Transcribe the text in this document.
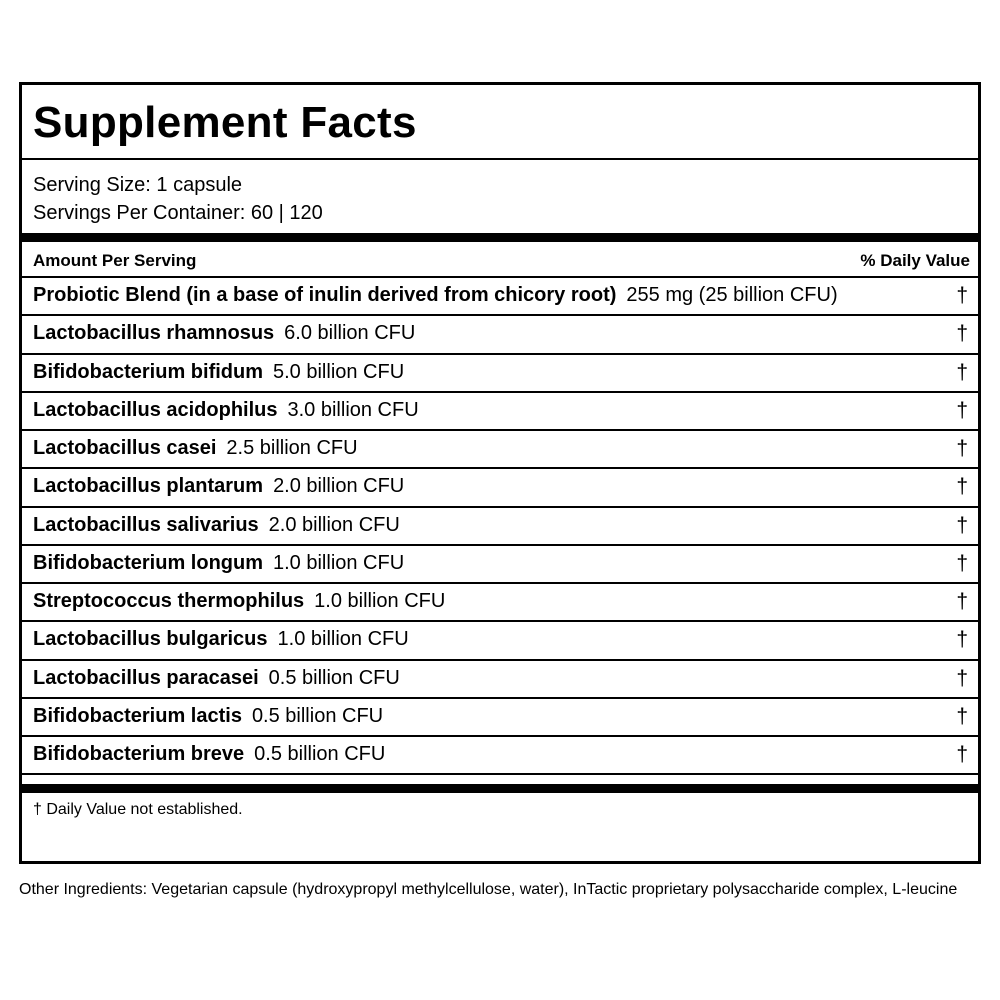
Supplement Facts
Serving Size: 1 capsule
Servings Per Container: 60 | 120
Amount Per Serving	% Daily Value
Probiotic Blend (in a base of inulin derived from chicory root) 255 mg (25 billion CFU)	†
Lactobacillus rhamnosus 6.0 billion CFU	†
Bifidobacterium bifidum 5.0 billion CFU	†
Lactobacillus acidophilus 3.0 billion CFU	†
Lactobacillus casei 2.5 billion CFU	†
Lactobacillus plantarum 2.0 billion CFU	†
Lactobacillus salivarius 2.0 billion CFU	†
Bifidobacterium longum 1.0 billion CFU	†
Streptococcus thermophilus 1.0 billion CFU	†
Lactobacillus bulgaricus 1.0 billion CFU	†
Lactobacillus paracasei 0.5 billion CFU	†
Bifidobacterium lactis 0.5 billion CFU	†
Bifidobacterium breve 0.5 billion CFU	†
† Daily Value not established.
Other Ingredients: Vegetarian capsule (hydroxypropyl methylcellulose, water), InTactic proprietary polysaccharide complex, L-leucine
